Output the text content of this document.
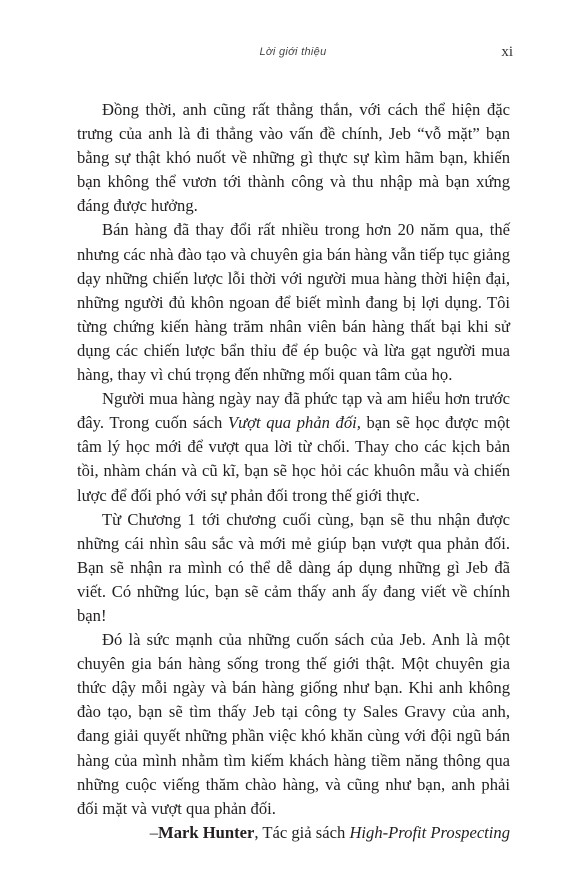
Lời giới thiệu	xi

Đồng thời, anh cũng rất thẳng thắn, với cách thể hiện đặc trưng của anh là đi thẳng vào vấn đề chính, Jeb “vỗ mặt” bạn bằng sự thật khó nuốt về những gì thực sự kìm hãm bạn, khiến bạn không thể vươn tới thành công và thu nhập mà bạn xứng đáng được hưởng.

Bán hàng đã thay đổi rất nhiều trong hơn 20 năm qua, thế nhưng các nhà đào tạo và chuyên gia bán hàng vẫn tiếp tục giảng dạy những chiến lược lỗi thời với người mua hàng thời hiện đại, những người đủ khôn ngoan để biết mình đang bị lợi dụng. Tôi từng chứng kiến hàng trăm nhân viên bán hàng thất bại khi sử dụng các chiến lược bẩn thỉu để ép buộc và lừa gạt người mua hàng, thay vì chú trọng đến những mối quan tâm của họ.

Người mua hàng ngày nay đã phức tạp và am hiểu hơn trước đây. Trong cuốn sách Vượt qua phản đối, bạn sẽ học được một tâm lý học mới để vượt qua lời từ chối. Thay cho các kịch bản tồi, nhàm chán và cũ kĩ, bạn sẽ học hỏi các khuôn mẫu và chiến lược để đối phó với sự phản đối trong thế giới thực.

Từ Chương 1 tới chương cuối cùng, bạn sẽ thu nhận được những cái nhìn sâu sắc và mới mẻ giúp bạn vượt qua phản đối. Bạn sẽ nhận ra mình có thể dễ dàng áp dụng những gì Jeb đã viết. Có những lúc, bạn sẽ cảm thấy anh ấy đang viết về chính bạn!

Đó là sức mạnh của những cuốn sách của Jeb. Anh là một chuyên gia bán hàng sống trong thế giới thật. Một chuyên gia thức dậy mỗi ngày và bán hàng giống như bạn. Khi anh không đào tạo, bạn sẽ tìm thấy Jeb tại công ty Sales Gravy của anh, đang giải quyết những phần việc khó khăn cùng với đội ngũ bán hàng của mình nhằm tìm kiếm khách hàng tiềm năng thông qua những cuộc viếng thăm chào hàng, và cũng như bạn, anh phải đối mặt và vượt qua phản đối.

–Mark Hunter, Tác giả sách High-Profit Prospecting
